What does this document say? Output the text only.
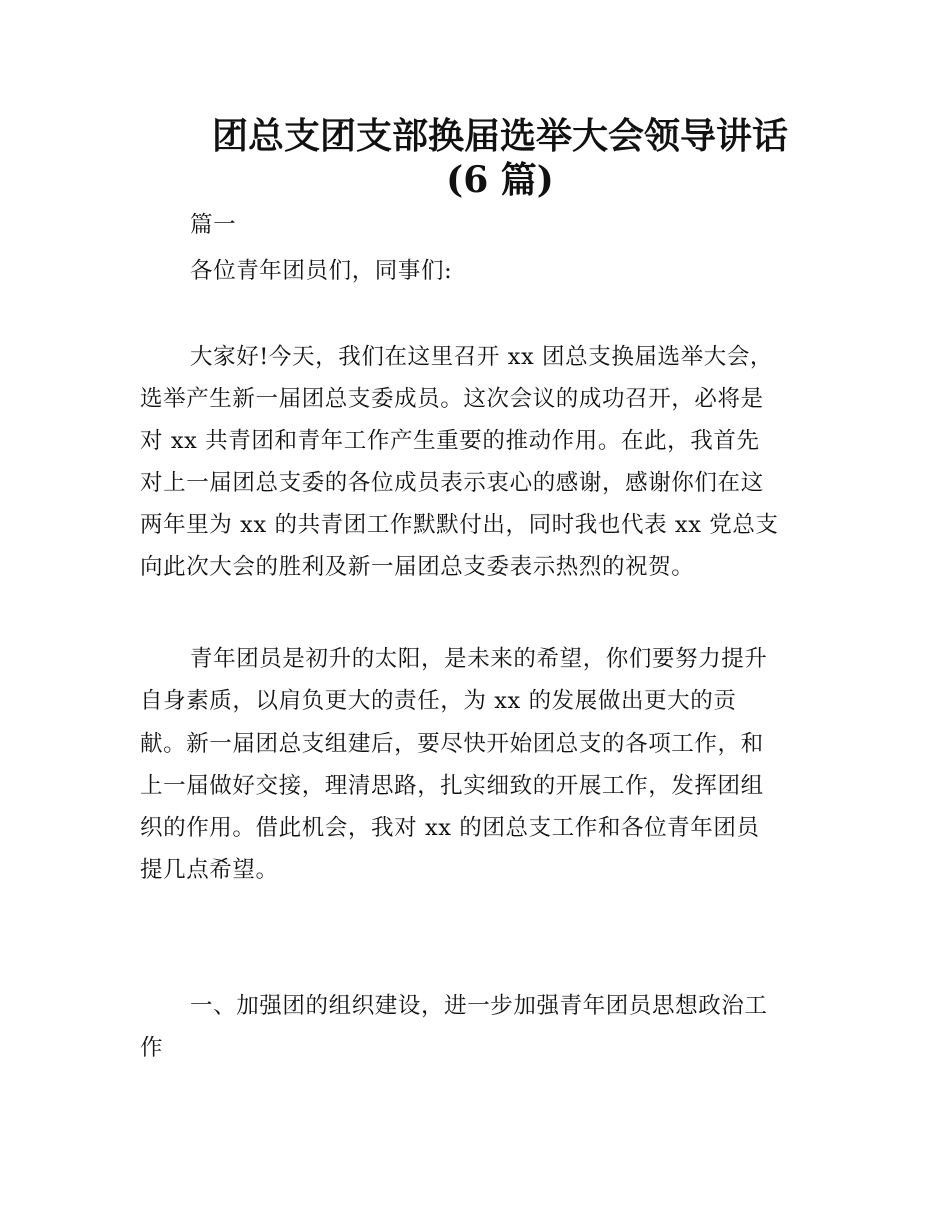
团总支团支部换届选举大会领导讲话
(6 篇)

篇一

各位青年团员们，同事们:

大家好!今天，我们在这里召开 xx 团总支换届选举大会，

选举产生新一届团总支委成员。这次会议的成功召开，必将是

对 xx 共青团和青年工作产生重要的推动作用。在此，我首先

对上一届团总支委的各位成员表示衷心的感谢，感谢你们在这

两年里为 xx 的共青团工作默默付出，同时我也代表 xx 党总支

向此次大会的胜利及新一届团总支委表示热烈的祝贺。

青年团员是初升的太阳，是未来的希望，你们要努力提升

自身素质，以肩负更大的责任，为 xx 的发展做出更大的贡

献。新一届团总支组建后，要尽快开始团总支的各项工作，和

上一届做好交接，理清思路，扎实细致的开展工作，发挥团组

织的作用。借此机会，我对 xx 的团总支工作和各位青年团员

提几点希望。

一、加强团的组织建设，进一步加强青年团员思想政治工

作
